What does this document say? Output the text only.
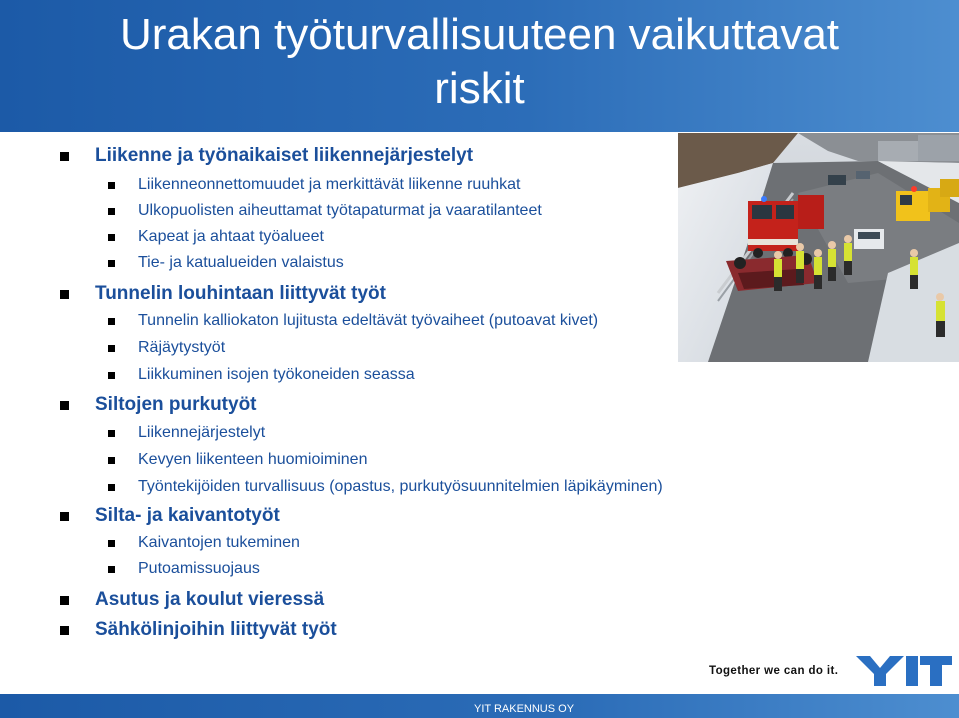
Urakan työturvallisuuteen vaikuttavat
riskit
Liikenne ja työnaikaiset liikennejärjestelyt
Liikenneonnettomuudet ja merkittävät liikenne ruuhkat
Ulkopuolisten aiheuttamat työtapaturmat ja vaaratilanteet
Kapeat ja ahtaat työalueet
Tie- ja katualueiden valaistus
Tunnelin louhintaan liittyvät työt
Tunnelin kalliokaton lujitusta edeltävät työvaiheet (putoavat kivet)
Räjäytystyöt
Liikkuminen isojen työkoneiden seassa
Siltojen purkutyöt
Liikennejärjestelyt
Kevyen liikenteen huomioiminen
Työntekijöiden turvallisuus (opastus, purkutyösuunnitelmien läpikäyminen)
Silta- ja kaivantotyöt
Kaivantojen tukeminen
Putoamissuojaus
Asutus ja koulut vieressä
Sähkölinjoihin liittyvät työt
Together we can do it.
YIT RAKENNUS OY
